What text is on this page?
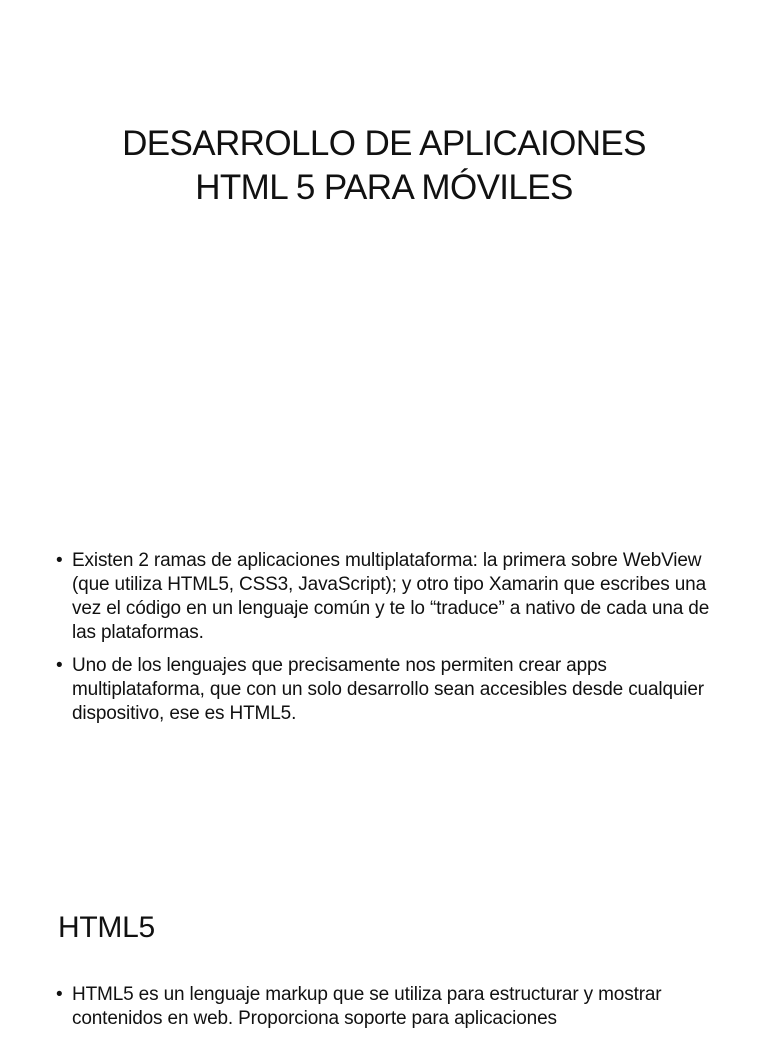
DESARROLLO DE APLICAIONES
HTML 5 PARA MÓVILES
• Existen 2 ramas de aplicaciones multiplataforma: la primera sobre WebView (que utiliza HTML5, CSS3, JavaScript); y otro tipo Xamarin que escribes una vez el código en un lenguaje común y te lo “traduce” a nativo de cada una de las plataformas.
• Uno de los lenguajes que precisamente nos permiten crear apps multiplataforma, que con un solo desarrollo sean accesibles desde cualquier dispositivo, ese es HTML5.
HTML5
• HTML5 es un lenguaje markup que se utiliza para estructurar y mostrar contenidos en web. Proporciona soporte para aplicaciones
